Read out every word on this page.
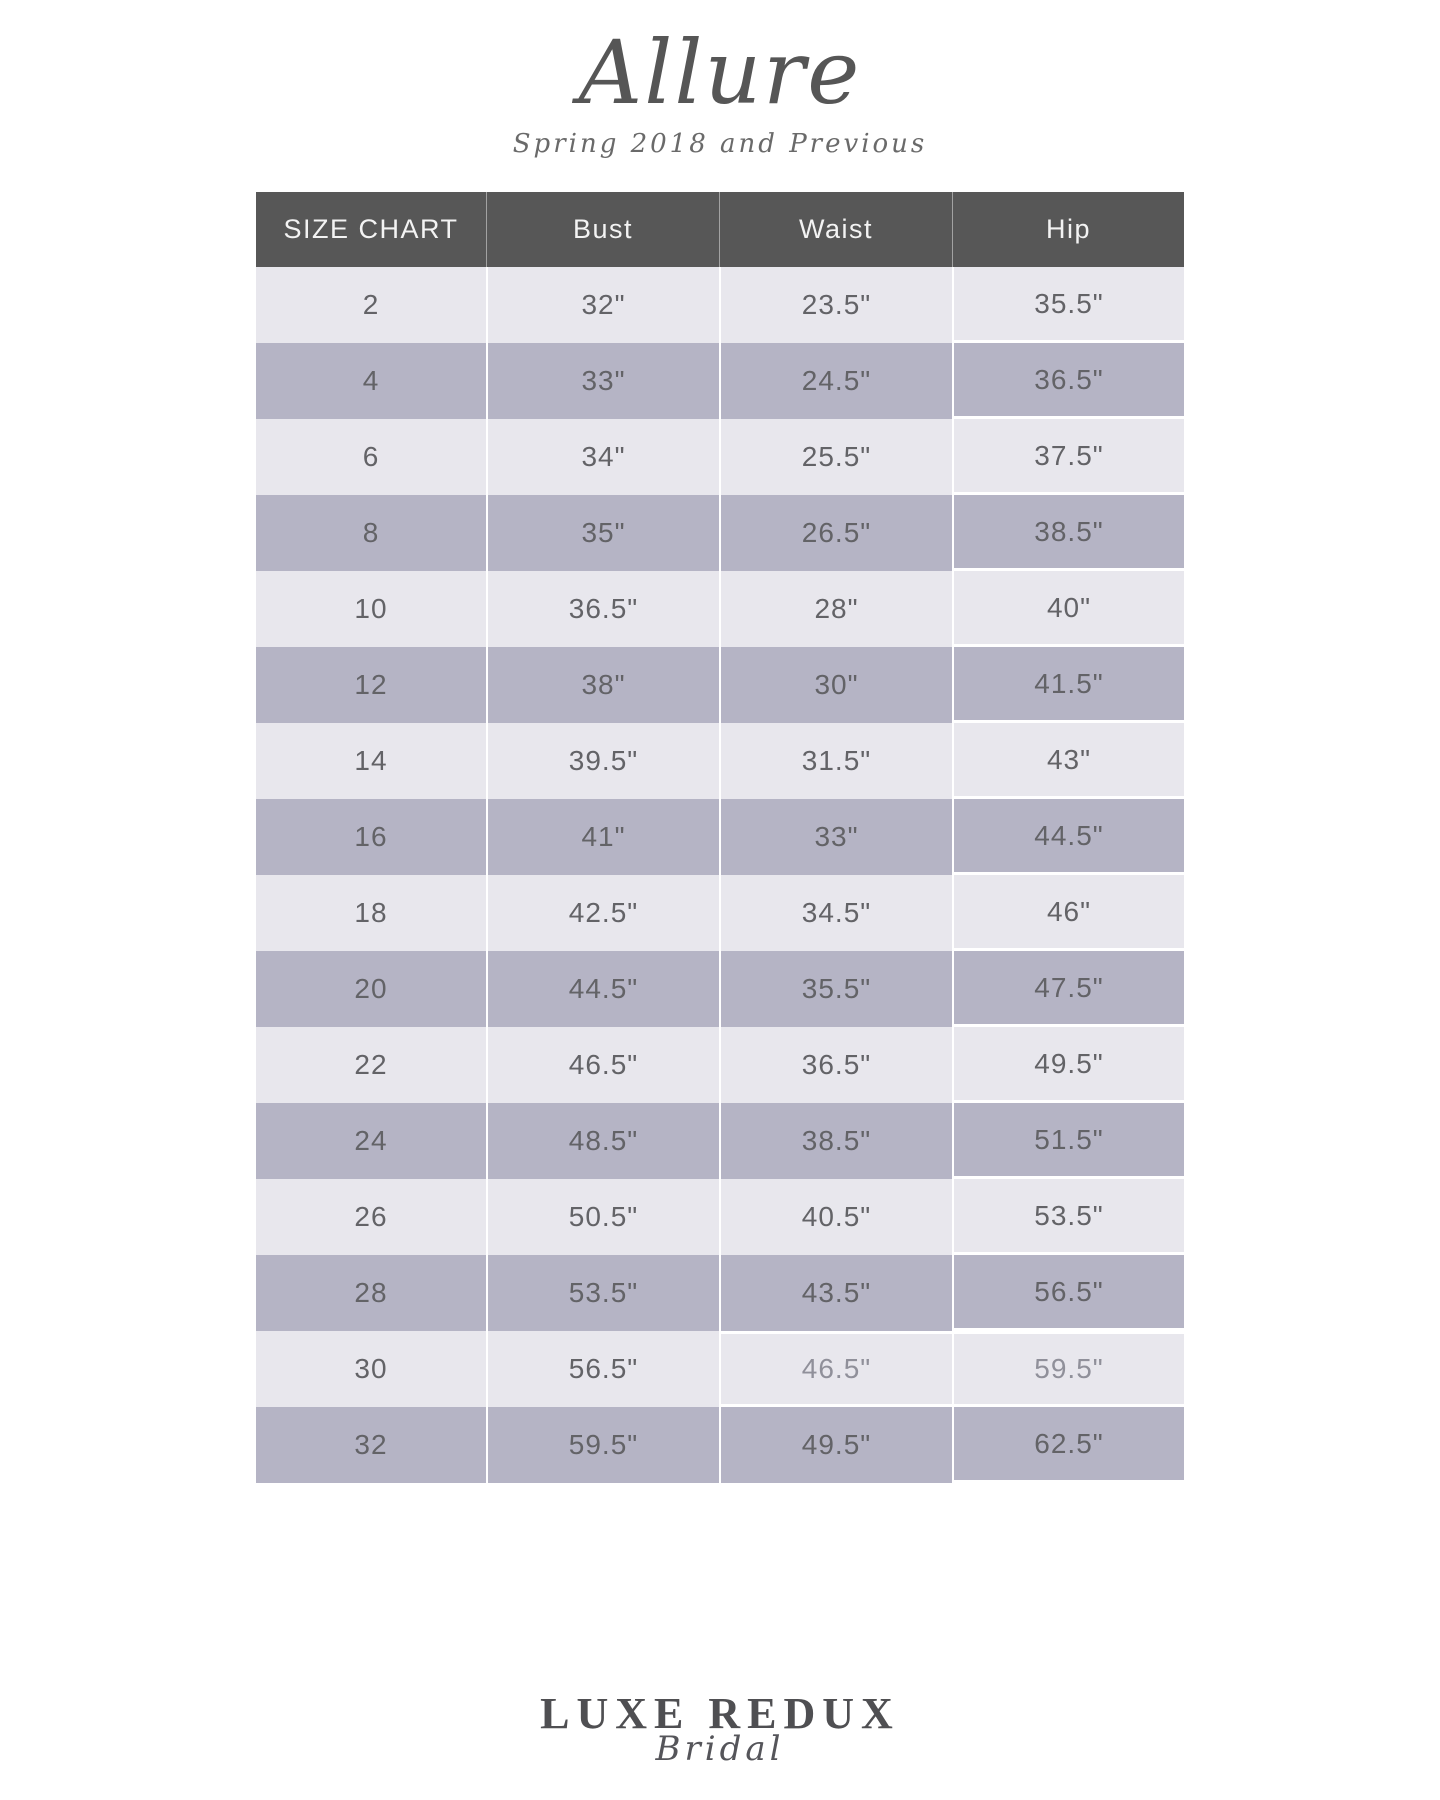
Allure
Spring 2018 and Previous
SIZE CHART	Bust	Waist	Hip
2	32"	23.5"	35.5"
4	33"	24.5"	36.5"
6	34"	25.5"	37.5"
8	35"	26.5"	38.5"
10	36.5"	28"	40"
12	38"	30"	41.5"
14	39.5"	31.5"	43"
16	41"	33"	44.5"
18	42.5"	34.5"	46"
20	44.5"	35.5"	47.5"
22	46.5"	36.5"	49.5"
24	48.5"	38.5"	51.5"
26	50.5"	40.5"	53.5"
28	53.5"	43.5"	56.5"
30	56.5"	46.5"	59.5"
32	59.5"	49.5"	62.5"
LUXE REDUX
Bridal
